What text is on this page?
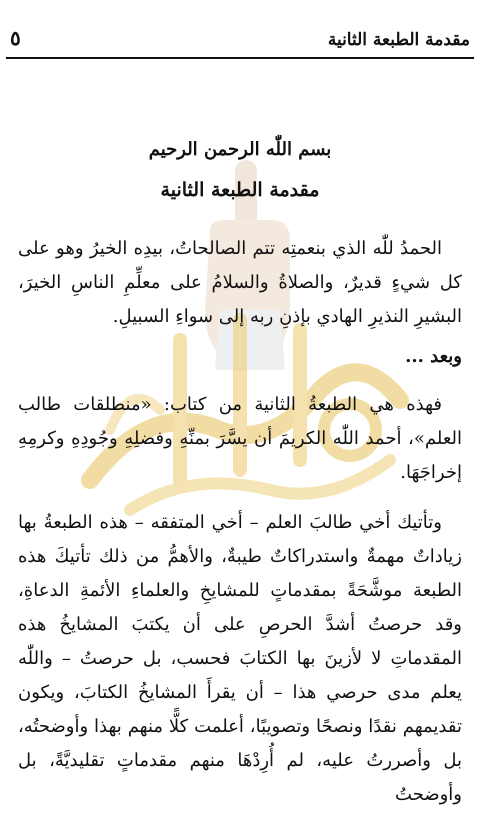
مقدمة الطبعة الثانية
٥

بسم اللّٰه الرحمن الرحيم

مقدمة الطبعة الثانية

الحمدُ للّٰه الذي بنعمتِه تتم الصالحاتُ، بيدِه الخيرُ وهو على كل شيءٍ قديرٌ، والصلاةُ والسلامُ على معلِّمِ الناسِ الخيرَ، البشيرِ النذيرِ الهادي بإذنِ ربه إلى سواءِ السبيلِ.

وبعد ...

فهذه هي الطبعةُ الثانية من كتاب: «منطلقات طالب العلم»، أحمد اللّٰه الكريمَ أن يسَّرَ بمنِّهِ وفضلِهِ وجُودِهِ وكرمِهِ إخراجَهَا.

وتأتيك أخي طالبَ العلم – أخي المتفقه – هذه الطبعةُ بها زياداتٌ مهمةٌ واستدراكاتٌ طيبةٌ، والأهمُّ من ذلك تأتيكَ هذه الطبعة موشَّحَةً بمقدماتٍ للمشايخِ والعلماءِ الأئمةِ الدعاةِ، وقد حرصتُ أشدَّ الحرصِ على أن يكتبَ المشايخُ هذه المقدماتِ لا لأزينَ بها الكتابَ فحسب، بل حرصتُ – واللّٰه يعلم مدى حرصي هذا – أن يقرأَ المشايخُ الكتابَ، ويكون تقديمهم نقدًا ونصحًا وتصويبًا، أعلمت كلًّا منهم بهذا وأوضحتُه، بل وأصررتُ عليه، لم أُرِدْهَا منهم مقدماتٍ تقليديَّةً، بل وأوضحتُ
